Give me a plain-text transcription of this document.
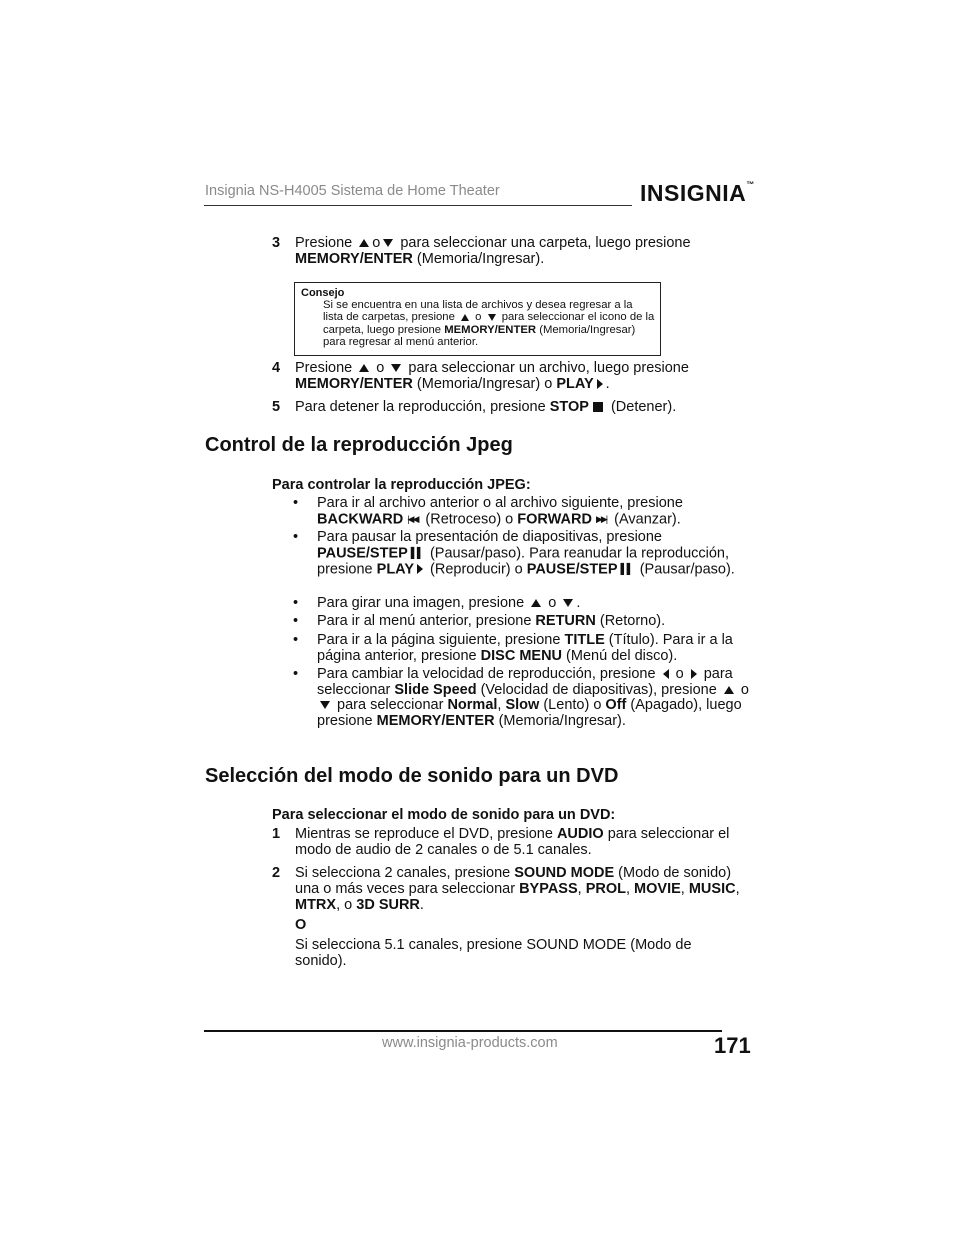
Insignia NS-H4005 Sistema de Home Theater	INSIGNIA™
3 Presione o para seleccionar una carpeta, luego presione MEMORY/ENTER (Memoria/Ingresar).
Consejo
Si se encuentra en una lista de archivos y desea regresar a la lista de carpetas, presione  o  para seleccionar el icono de la carpeta, luego presione MEMORY/ENTER (Memoria/Ingresar) para regresar al menú anterior.
4 Presione  o  para seleccionar un archivo, luego presione MEMORY/ENTER (Memoria/Ingresar) o PLAY .
5 Para detener la reproducción, presione STOP (Detener).
Control de la reproducción Jpeg
Para controlar la reproducción JPEG:
• Para ir al archivo anterior o al archivo siguiente, presione BACKWARD |◀◀ (Retroceso) o FORWARD ▶▶| (Avanzar).
• Para pausar la presentación de diapositivas, presione PAUSE/STEP ▌▌ (Pausar/paso). Para reanudar la reproducción, presione PLAY (Reproducir) o PAUSE/STEP ▌▌ (Pausar/paso).
• Para girar una imagen, presione  o .
• Para ir al menú anterior, presione RETURN (Retorno).
• Para ir a la página siguiente, presione TITLE (Título). Para ir a la página anterior, presione DISC MENU (Menú del disco).
• Para cambiar la velocidad de reproducción, presione  o  para seleccionar Slide Speed (Velocidad de diapositivas), presione  o  para seleccionar Normal, Slow (Lento) o Off (Apagado), luego presione MEMORY/ENTER (Memoria/Ingresar).
Selección del modo de sonido para un DVD
Para seleccionar el modo de sonido para un DVD:
1 Mientras se reproduce el DVD, presione AUDIO para seleccionar el modo de audio de 2 canales o de 5.1 canales.
2 Si selecciona 2 canales, presione SOUND MODE (Modo de sonido) una o más veces para seleccionar BYPASS, PROL, MOVIE, MUSIC, MTRX, o 3D SURR.
O
Si selecciona 5.1 canales, presione SOUND MODE (Modo de sonido).
www.insignia-products.com	171
